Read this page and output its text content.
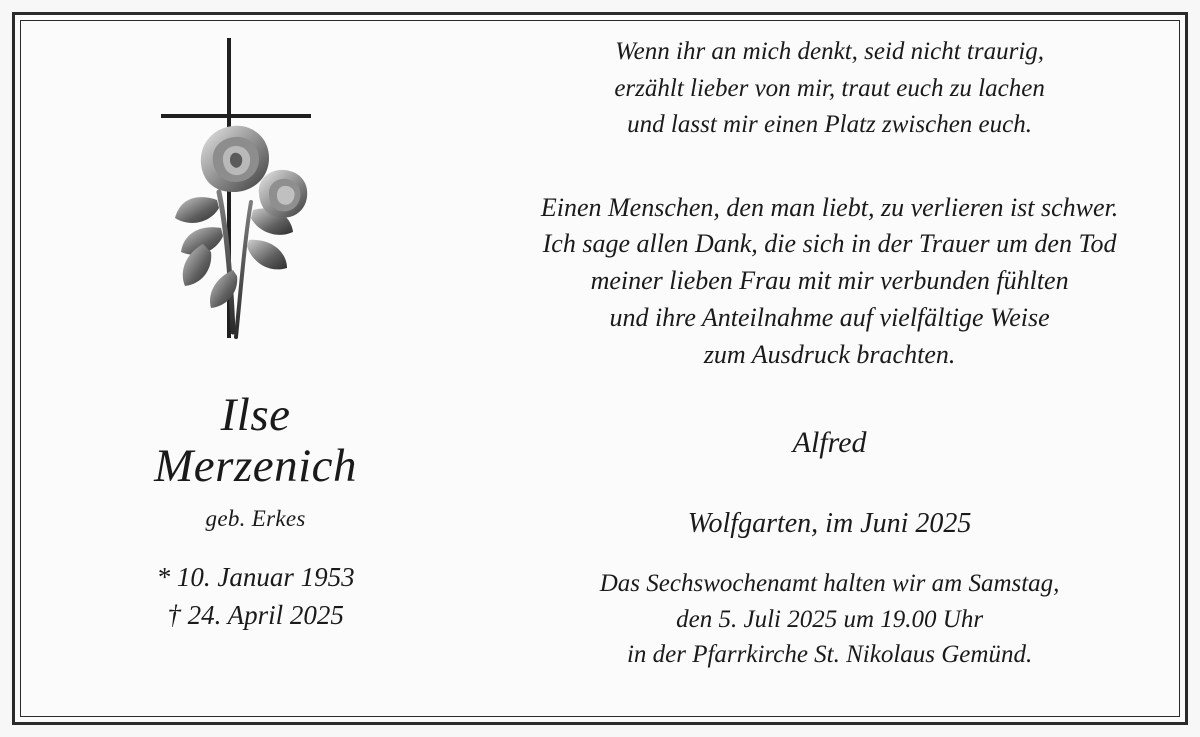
Ilse
Merzenich
geb. Erkes
* 10. Januar 1953
† 24. April 2025
Wenn ihr an mich denkt, seid nicht traurig,
erzählt lieber von mir, traut euch zu lachen
und lasst mir einen Platz zwischen euch.
Einen Menschen, den man liebt, zu verlieren ist schwer.
Ich sage allen Dank, die sich in der Trauer um den Tod
meiner lieben Frau mit mir verbunden fühlten
und ihre Anteilnahme auf vielfältige Weise
zum Ausdruck brachten.
Alfred
Wolfgarten, im Juni 2025
Das Sechswochenamt halten wir am Samstag,
den 5. Juli 2025 um 19.00 Uhr
in der Pfarrkirche St. Nikolaus Gemünd.
